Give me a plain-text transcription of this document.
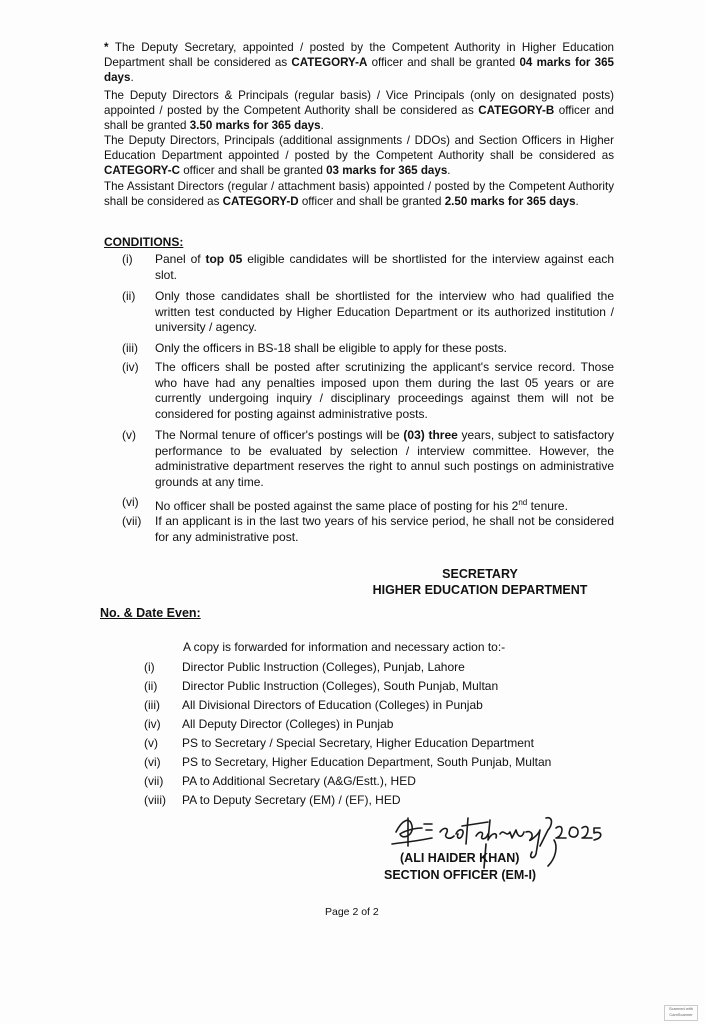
* The Deputy Secretary, appointed / posted by the Competent Authority in Higher Education Department shall be considered as CATEGORY-A officer and shall be granted 04 marks for 365 days.
The Deputy Directors & Principals (regular basis) / Vice Principals (only on designated posts) appointed / posted by the Competent Authority shall be considered as CATEGORY-B officer and shall be granted 3.50 marks for 365 days.
The Deputy Directors, Principals (additional assignments / DDOs) and Section Officers in Higher Education Department appointed / posted by the Competent Authority shall be considered as CATEGORY-C officer and shall be granted 03 marks for 365 days.
The Assistant Directors (regular / attachment basis) appointed / posted by the Competent Authority shall be considered as CATEGORY-D officer and shall be granted 2.50 marks for 365 days.
CONDITIONS:
(i)	Panel of top 05 eligible candidates will be shortlisted for the interview against each slot.
(ii)	Only those candidates shall be shortlisted for the interview who had qualified the written test conducted by Higher Education Department or its authorized institution / university / agency.
(iii)	Only the officers in BS-18 shall be eligible to apply for these posts.
(iv)	The officers shall be posted after scrutinizing the applicant's service record. Those who have had any penalties imposed upon them during the last 05 years or are currently undergoing inquiry / disciplinary proceedings against them will not be considered for posting against administrative posts.
(v)	The Normal tenure of officer's postings will be (03) three years, subject to satisfactory performance to be evaluated by selection / interview committee. However, the administrative department reserves the right to annul such postings on administrative grounds at any time.
(vi)	No officer shall be posted against the same place of posting for his 2nd tenure.
(vii)	If an applicant is in the last two years of his service period, he shall not be considered for any administrative post.
SECRETARY
HIGHER EDUCATION DEPARTMENT
No. & Date Even:
A copy is forwarded for information and necessary action to:-
(i)	Director Public Instruction (Colleges), Punjab, Lahore
(ii)	Director Public Instruction (Colleges), South Punjab, Multan
(iii)	All Divisional Directors of Education (Colleges) in Punjab
(iv)	All Deputy Director (Colleges) in Punjab
(v)	PS to Secretary / Special Secretary, Higher Education Department
(vi)	PS to Secretary, Higher Education Department, South Punjab, Multan
(vii)	PA to Additional Secretary (A&G/Estt.), HED
(viii)	PA to Deputy Secretary (EM) / (EF), HED
(ALI HAIDER KHAN)
SECTION OFFICER (EM-I)
Page 2 of 2
Scanned with CamScanner
